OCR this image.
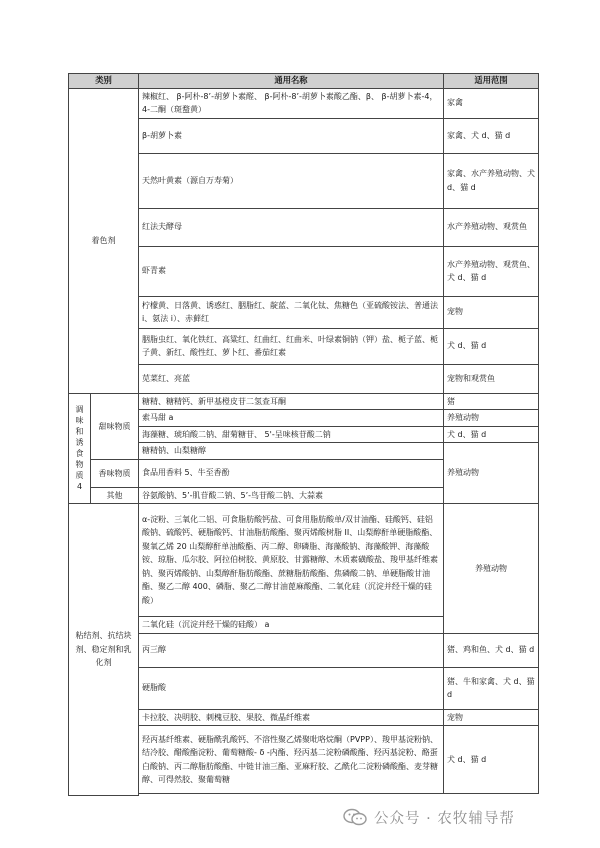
类别		通用名称	适用范围
着色剂		辣椒红、 β-阿朴-8’-胡萝卜素醛、 β-阿朴-8’-胡萝卜素酸乙酯、β、 β-胡萝卜素-4，4-二酮（斑蝥黄）	家禽
		β-胡萝卜素	家禽、犬 d、猫 d
		天然叶黄素（源自万寿菊）	家禽、水产养殖动物、犬 d、猫 d
		红法夫酵母	水产养殖动物、观赏鱼
		虾青素	水产养殖动物、观赏鱼、犬 d、猫 d
		柠檬黄、日落黄、诱惑红、胭脂红、靛蓝、二氧化钛、焦糖色（亚硫酸铵法、普通法 i、氨法 i）、赤藓红	宠物
		胭脂虫红、氧化铁红、高粱红、红曲红、红曲米、叶绿素铜钠（钾）盐、栀子蓝、栀子黄、新红、酸性红、萝卜红、番茄红素	犬 d、猫 d
		苋菜红、亮蓝	宠物和观赏鱼
调味和诱食物质 4	甜味物质	糖精、糖精钙、新甲基橙皮苷二氢查耳酮	猪
		索马甜 a	养殖动物
		海藻糖、琥珀酸二钠、甜菊糖苷、 5'-呈味核苷酸二钠	犬 d、猫 d
		糖精钠、山梨糖醇	养殖动物
	香味物质	食品用香料 5、牛至香酚	

	其他	谷氨酸钠、5’-肌苷酸二钠、5’-鸟苷酸二钠、大蒜素	
粘结剂、抗结块剂、稳定剂和乳化剂		α-淀粉、三氧化二铝、可食脂肪酸钙盐、可食用脂肪酸单/双甘油酯、硅酸钙、硅铝酸钠、硫酸钙、硬脂酸钙、甘油脂肪酸酯、聚丙烯酸树脂 II、山梨醇酐单硬脂酸酯、聚氧乙烯 20 山梨醇酐单油酸酯、丙二醇、卵磷脂、海藻酸钠、海藻酸钾、海藻酸铵、琼脂、瓜尔胶、阿拉伯树胶、黄原胶、甘露糖醇、木质素磺酸盐、羧甲基纤维素钠、聚丙烯酸钠、山梨醇酐脂肪酸酯、蔗糖脂肪酸酯、焦磷酸二钠、单硬脂酸甘油酯、聚乙二醇 400、磷脂、聚乙二醇甘油蓖麻酸酯、二氧化硅（沉淀并经干燥的硅酸）	养殖动物
		二氧化硅（沉淀并经干燥的硅酸） a	
		丙三醇	猪、鸡和鱼、犬 d、猫 d
		硬脂酸	猪、牛和家禽、犬 d、猫 d
		卡拉胶、决明胶、刺槐豆胶、果胶、微晶纤维素	宠物
		羟丙基纤维素、硬脂酰乳酸钙、不溶性聚乙烯聚吡咯烷酮（PVPP）、羧甲基淀粉钠、结冷胶、醋酸酯淀粉、葡萄糖酸- δ -内酯、羟丙基二淀粉磷酸酯、羟丙基淀粉、酪蛋白酸钠、丙二醇脂肪酸酯、中链甘油三酯、亚麻籽胶、乙酰化二淀粉磷酸酯、麦芽糖醇、可得然胶、聚葡萄糖	犬 d、猫 d

公众号 · 农牧辅导帮
